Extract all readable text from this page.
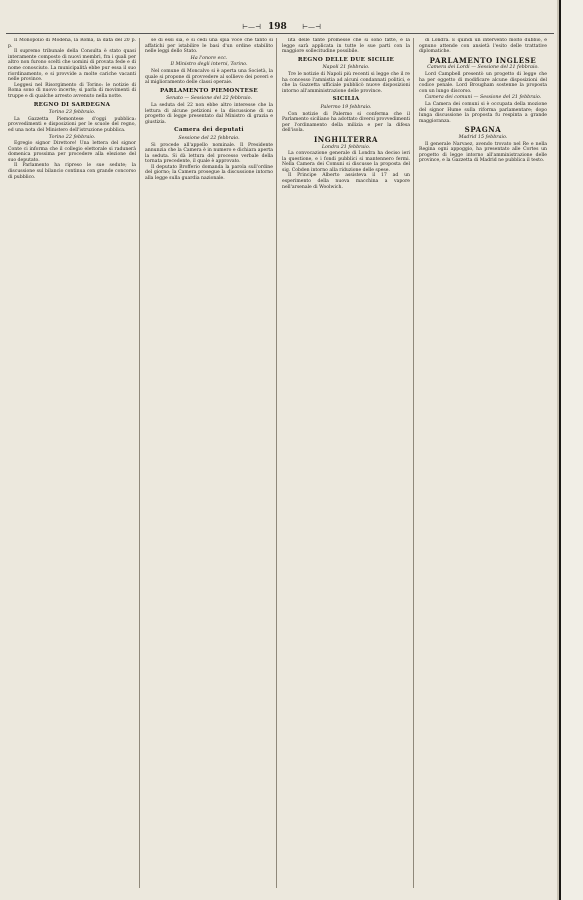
⊢—⊣ 198 ⊢—⊣
Il Monopolio di Modena, la Roma, la data del 20 p. p.
Il supremo tribunale della Consulta è stato quasi interamente composto di nuovi membri, fra i quali per altro non furono scelti che uomini di provata fede e di nome conosciuto. La municipalità ebbe pur essa il suo riordinamento, e si provvide a molte cariche vacanti nelle province.
Leggesi nel Risorgimento di Torino: le notizie di Roma sono di nuovo incerte; si parla di movimenti di truppe e di qualche arresto avvenuto nella notte.
REGNO DI SARDEGNA
Torino 23 febbraio.
La Gazzetta Piemontese d'oggi pubblica: provvedimenti e disposizioni per le scuole del regno, ed una nota del Ministero dell'istruzione pubblica.
Torino 22 febbraio.
Egregio signor Direttore! Una lettera del signor Conte ci informa che il collegio elettorale si radunerà domenica prossima per procedere alla elezione del suo deputato.
Il Parlamento ha ripreso le sue sedute; la discussione sul bilancio continua con grande concorso di pubblico.
se di essi sia, e si cedi una spia voce che tanto si affatichi per istabilire le basi d'un ordine stabilito nelle leggi dello Stato.
Ha l'onore ecc.
Il Ministro degli interni, Torino.
Nel comune di Moncalvo si è aperta una Società, la quale si propone di provvedere al sollievo dei poveri e al miglioramento delle classi operaie.
PARLAMENTO PIEMONTESE
Senato — Sessione del 22 febbraio.
La seduta del 22 non ebbe altro interesse che la lettura di alcune petizioni e la discussione di un progetto di legge presentato dal Ministro di grazia e giustizia.
Camera dei deputati
Sessione del 22 febbraio.
Si procede all'appello nominale. Il Presidente annunzia che la Camera è in numero e dichiara aperta la seduta. Si dà lettura del processo verbale della tornata precedente, il quale è approvato.
Il deputato Brofferio domanda la parola sull'ordine del giorno; la Camera prosegue la discussione intorno alla legge sulla guardia nazionale.
lità delle tante promesse che si sono fatte, e la legge sarà applicata in tutte le sue parti con la maggiore sollecitudine possibile.
REGNO DELLE DUE SICILIE
Napoli 21 febbraio.
Tre le notizie di Napoli più recenti si legge che il re ha concesso l'amnistia ad alcuni condannati politici, e che la Gazzetta ufficiale pubblicò nuove disposizioni intorno all'amministrazione delle province.
SICILIA
Palermo 19 febbraio.
Con notizie di Palermo si conferma che il Parlamento siciliano ha adottato diversi provvedimenti per l'ordinamento della milizia e per la difesa dell'isola.
INGHILTERRA
Londra 21 febbraio.
La convocazione generale di Londra ha deciso ieri la questione, e i fondi pubblici si mantennero fermi. Nella Camera dei Comuni si discusse la proposta del sig. Cobden intorno alla riduzione delle spese.
Il Principe Alberto assisteva il 17 ad un esperimento della nuova macchina a vapore nell'arsenale di Woolwich.
di Londra. È quindi un intervento molto dubbio, e ognuno attende con ansietà l'esito delle trattative diplomatiche.
PARLAMENTO INGLESE
Camera dei Lordi — Sessione del 21 febbraio.
Lord Campbell presentò un progetto di legge che ha per oggetto di modificare alcune disposizioni del codice penale. Lord Brougham sostenne la proposta con un lungo discorso.
Camera dei comuni — Sessione del 21 febbraio.
La Camera dei comuni si è occupata della mozione del signor Hume sulla riforma parlamentare; dopo lunga discussione la proposta fu respinta a grande maggioranza.
SPAGNA
Madrid 15 febbraio.
Il generale Narvaez, avendo trovato nel Re e nella Regina ogni appoggio, ha presentato alle Cortes un progetto di legge intorno all'amministrazione delle province, e la Gazzetta di Madrid ne pubblica il testo.
